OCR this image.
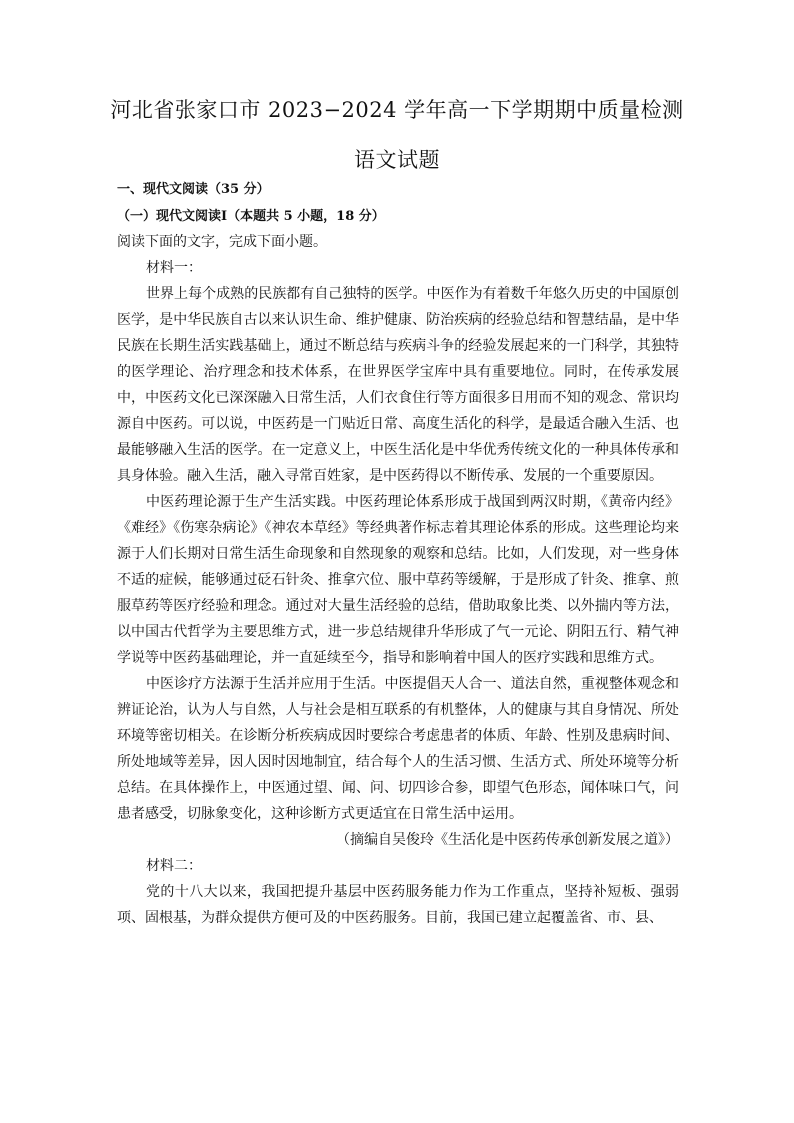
河北省张家口市 2023−2024 学年高一下学期期中质量检测
语文试题

一、现代文阅读（35 分）

（一）现代文阅读Ⅰ（本题共 5 小题，18 分）

阅读下面的文字，完成下面小题。

材料一：

世界上每个成熟的民族都有自己独特的医学。中医作为有着数千年悠久历史的中国原创医学，是中华民族自古以来认识生命、维护健康、防治疾病的经验总结和智慧结晶，是中华民族在长期生活实践基础上，通过不断总结与疾病斗争的经验发展起来的一门科学，其独特的医学理论、治疗理念和技术体系，在世界医学宝库中具有重要地位。同时，在传承发展中，中医药文化已深深融入日常生活，人们衣食住行等方面很多日用而不知的观念、常识均源自中医药。可以说，中医药是一门贴近日常、高度生活化的科学，是最适合融入生活、也最能够融入生活的医学。在一定意义上，中医生活化是中华优秀传统文化的一种具体传承和具身体验。融入生活，融入寻常百姓家，是中医药得以不断传承、发展的一个重要原因。

中医药理论源于生产生活实践。中医药理论体系形成于战国到两汉时期，《黄帝内经》《难经》《伤寒杂病论》《神农本草经》等经典著作标志着其理论体系的形成。这些理论均来源于人们长期对日常生活生命现象和自然现象的观察和总结。比如，人们发现，对一些身体不适的症候，能够通过砭石针灸、推拿穴位、服中草药等缓解，于是形成了针灸、推拿、煎服草药等医疗经验和理念。通过对大量生活经验的总结，借助取象比类、以外揣内等方法，以中国古代哲学为主要思维方式，进一步总结规律升华形成了气一元论、阴阳五行、精气神学说等中医药基础理论，并一直延续至今，指导和影响着中国人的医疗实践和思维方式。

中医诊疗方法源于生活并应用于生活。中医提倡天人合一、道法自然，重视整体观念和辨证论治，认为人与自然，人与社会是相互联系的有机整体，人的健康与其自身情况、所处环境等密切相关。在诊断分析疾病成因时要综合考虑患者的体质、年龄、性别及患病时间、所处地域等差异，因人因时因地制宜，结合每个人的生活习惯、生活方式、所处环境等分析总结。在具体操作上，中医通过望、闻、问、切四诊合参，即望气色形态，闻体味口气，问患者感受，切脉象变化，这种诊断方式更适宜在日常生活中运用。

（摘编自吴俊玲《生活化是中医药传承创新发展之道》）

材料二：

党的十八大以来，我国把提升基层中医药服务能力作为工作重点，坚持补短板、强弱项、固根基，为群众提供方便可及的中医药服务。目前，我国已建立起覆盖省、市、县、
